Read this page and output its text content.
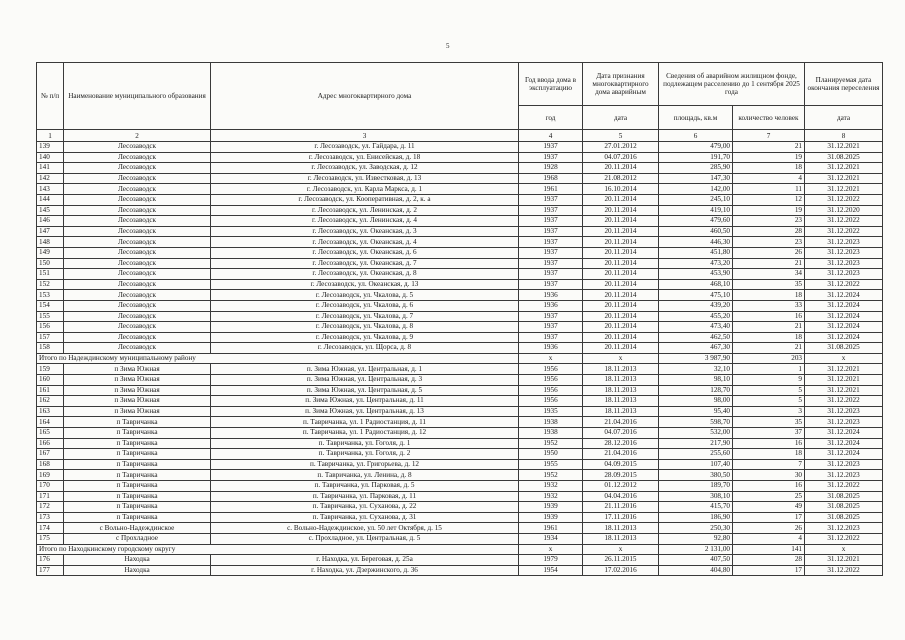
5
№ п/п	Наименование муниципального образования	Адрес многоквартирного дома	Год ввода дома в эксплуатацию	Дата признания многоквартирного дома аварийным	Сведения об аварийном жилищном фонде, подлежащем расселению до 1 сентября 2025 года		Планируемая дата окончания переселения
			год	дата	площадь, кв.м	количество человек	дата
1	2	3	4	5	6	7	8
139	Лесозаводск	г. Лесозаводск, ул. Гайдара, д. 11	1937	27.01.2012	479,00	21	31.12.2021
140	Лесозаводск	г. Лесозаводск, ул. Енисейская, д. 18	1937	04.07.2016	191,70	19	31.08.2025
141	Лесозаводск	г. Лесозаводск, ул. Заводская, д. 12	1928	20.11.2014	285,90	18	31.12.2021
142	Лесозаводск	г. Лесозаводск, ул. Известковая, д. 13	1968	21.08.2012	147,30	4	31.12.2021
143	Лесозаводск	г. Лесозаводск, ул. Карла Маркса, д. 1	1961	16.10.2014	142,00	11	31.12.2021
144	Лесозаводск	г. Лесозаводск, ул. Кооперативная, д. 2, к. а	1937	20.11.2014	245,10	12	31.12.2022
145	Лесозаводск	г. Лесозаводск, ул. Ленинская, д. 2	1937	20.11.2014	419,10	19	31.12.2020
146	Лесозаводск	г. Лесозаводск, ул. Ленинская, д. 4	1937	20.11.2014	479,60	23	31.12.2022
147	Лесозаводск	г. Лесозаводск, ул. Океанская, д. 3	1937	20.11.2014	460,50	28	31.12.2022
148	Лесозаводск	г. Лесозаводск, ул. Океанская, д. 4	1937	20.11.2014	446,30	23	31.12.2023
149	Лесозаводск	г. Лесозаводск, ул. Океанская, д. 6	1937	20.11.2014	451,80	26	31.12.2023
150	Лесозаводск	г. Лесозаводск, ул. Океанская, д. 7	1937	20.11.2014	473,20	21	31.12.2023
151	Лесозаводск	г. Лесозаводск, ул. Океанская, д. 8	1937	20.11.2014	453,90	34	31.12.2023
152	Лесозаводск	г. Лесозаводск, ул. Океанская, д. 13	1937	20.11.2014	468,10	35	31.12.2022
153	Лесозаводск	г. Лесозаводск, ул. Чкалова, д. 5	1936	20.11.2014	475,10	18	31.12.2024
154	Лесозаводск	г. Лесозаводск, ул. Чкалова, д. 6	1936	20.11.2014	439,20	33	31.12.2024
155	Лесозаводск	г. Лесозаводск, ул. Чкалова, д. 7	1937	20.11.2014	455,20	16	31.12.2024
156	Лесозаводск	г. Лесозаводск, ул. Чкалова, д. 8	1937	20.11.2014	473,40	21	31.12.2024
157	Лесозаводск	г. Лесозаводск, ул. Чкалова, д. 9	1937	20.11.2014	462,50	18	31.12.2024
158	Лесозаводск	г. Лесозаводск, ул. Щорса, д. 8	1936	20.11.2014	467,30	21	31.08.2025
Итого по Надеждинскому муниципальному району			x	x	3 987,90	203	x
159	п Зима Южная	п. Зима Южная, ул. Центральная, д. 1	1956	18.11.2013	32,10	1	31.12.2021
160	п Зима Южная	п. Зима Южная, ул. Центральная, д. 3	1956	18.11.2013	98,10	9	31.12.2021
161	п Зима Южная	п. Зима Южная, ул. Центральная, д. 5	1956	18.11.2013	128,70	5	31.12.2021
162	п Зима Южная	п. Зима Южная, ул. Центральная, д. 11	1956	18.11.2013	98,00	5	31.12.2022
163	п Зима Южная	п. Зима Южная, ул. Центральная, д. 13	1935	18.11.2013	95,40	3	31.12.2023
164	п Тавричанка	п. Тавричанка, ул. 1 Радиостанция, д. 11	1938	21.04.2016	598,70	35	31.12.2023
165	п Тавричанка	п. Тавричанка, ул. 1 Радиостанция, д. 12	1938	04.07.2016	532,00	37	31.12.2024
166	п Тавричанка	п. Тавричанка, ул. Гоголя, д. 1	1952	28.12.2016	217,90	16	31.12.2024
167	п Тавричанка	п. Тавричанка, ул. Гоголя, д. 2	1950	21.04.2016	255,60	18	31.12.2024
168	п Тавричанка	п. Тавричанка, ул. Григорьева, д. 12	1955	04.09.2015	107,40	7	31.12.2023
169	п Тавричанка	п. Тавричанка, ул. Ленина, д. 8	1952	28.09.2015	380,50	30	31.12.2023
170	п Тавричанка	п. Тавричанка, ул. Парковая, д. 5	1932	01.12.2012	189,70	16	31.12.2022
171	п Тавричанка	п. Тавричанка, ул. Парковая, д. 11	1932	04.04.2016	308,10	25	31.08.2025
172	п Тавричанка	п. Тавричанка, ул. Суханова, д. 22	1939	21.11.2016	415,70	49	31.08.2025
173	п Тавричанка	п. Тавричанка, ул. Суханова, д. 31	1939	17.11.2016	186,90	17	31.08.2025
174	с Вольно-Надеждинское	с. Вольно-Надеждинское, ул. 50 лет Октября, д. 15	1961	18.11.2013	250,30	26	31.12.2023
175	с Прохладное	с. Прохладное, ул. Центральная, д. 5	1934	18.11.2013	92,80	4	31.12.2022
Итого по Находкинскому городскому округу			x	x	2 131,00	141	x
176	Находка	г. Находка, ул. Береговая, д. 25а	1979	26.11.2015	407,50	28	31.12.2021
177	Находка	г. Находка, ул. Дзержинского, д. 36	1954	17.02.2016	404,80	17	31.12.2022
